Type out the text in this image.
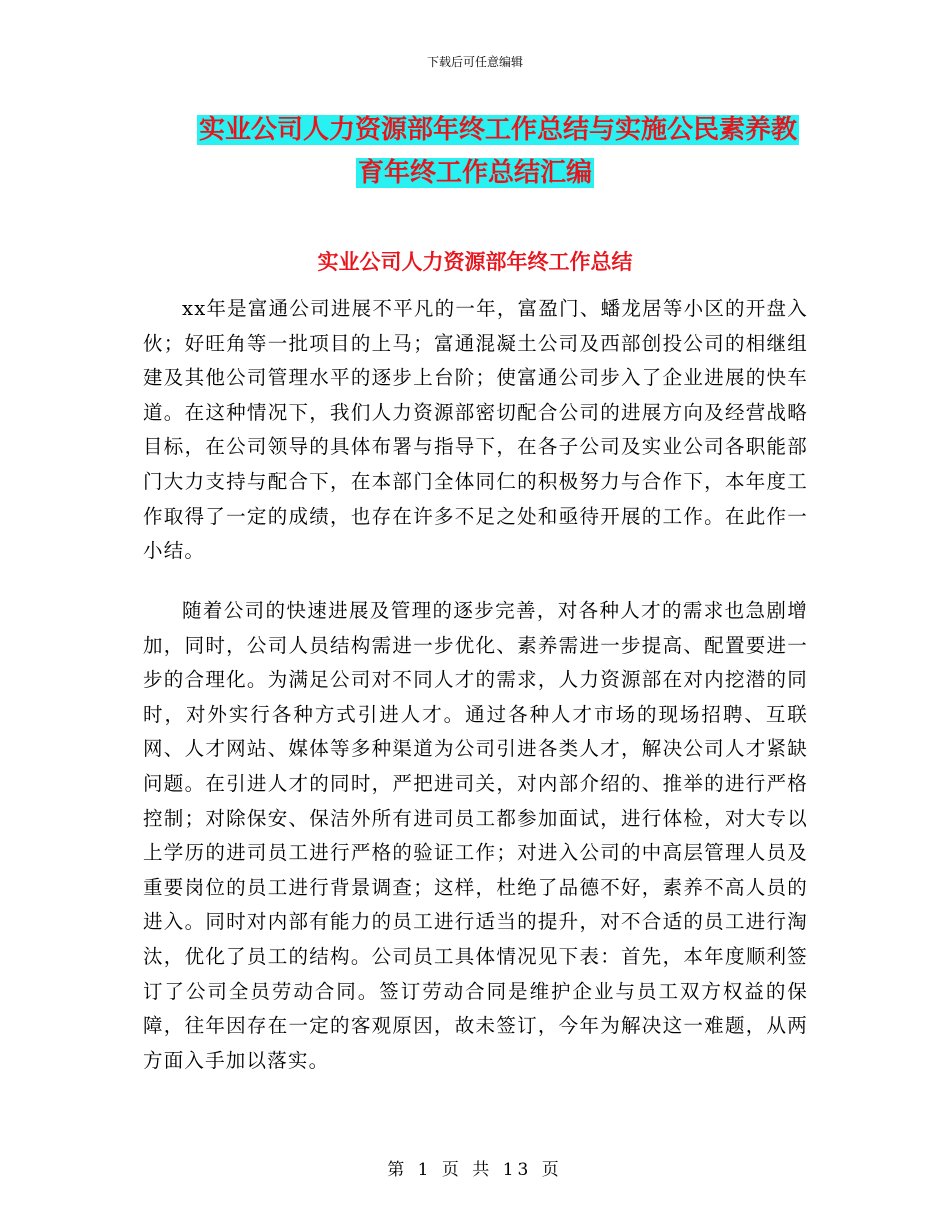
下载后可任意编辑
实业公司人力资源部年终工作总结与实施公民素养教
育年终工作总结汇编
实业公司人力资源部年终工作总结

xx年是富通公司进展不平凡的一年，富盈门、蟠龙居等小区的开盘入伙；好旺角等一批项目的上马；富通混凝土公司及西部创投公司的相继组建及其他公司管理水平的逐步上台阶；使富通公司步入了企业进展的快车道。在这种情况下，我们人力资源部密切配合公司的进展方向及经营战略目标，在公司领导的具体布署与指导下，在各子公司及实业公司各职能部门大力支持与配合下，在本部门全体同仁的积极努力与合作下，本年度工作取得了一定的成绩，也存在许多不足之处和亟待开展的工作。在此作一小结。

随着公司的快速进展及管理的逐步完善，对各种人才的需求也急剧增加，同时，公司人员结构需进一步优化、素养需进一步提高、配置要进一步的合理化。为满足公司对不同人才的需求，人力资源部在对内挖潜的同时，对外实行各种方式引进人才。通过各种人才市场的现场招聘、互联网、人才网站、媒体等多种渠道为公司引进各类人才，解决公司人才紧缺问题。在引进人才的同时，严把进司关，对内部介绍的、推举的进行严格控制；对除保安、保洁外所有进司员工都参加面试，进行体检，对大专以上学历的进司员工进行严格的验证工作；对进入公司的中高层管理人员及重要岗位的员工进行背景调查；这样，杜绝了品德不好，素养不高人员的进入。同时对内部有能力的员工进行适当的提升，对不合适的员工进行淘汰，优化了员工的结构。公司员工具体情况见下表：首先，本年度顺利签订了公司全员劳动合同。签订劳动合同是维护企业与员工双方权益的保障，往年因存在一定的客观原因，故未签订，今年为解决这一难题，从两方面入手加以落实。

第 1 页 共 13 页
